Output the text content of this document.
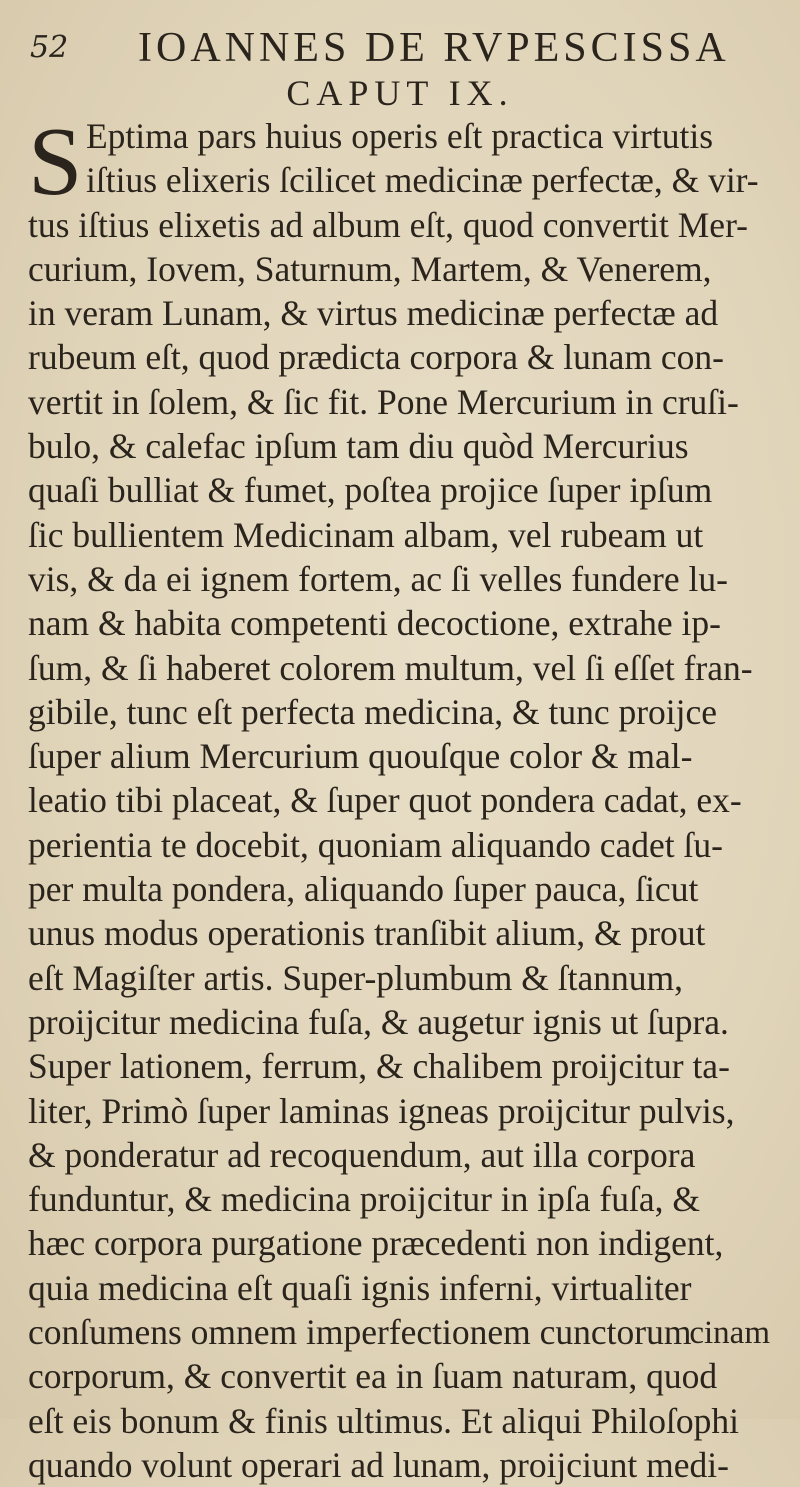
52 IOANNES DE RVPESCISSA
CAPUT IX.
S Eptima pars huius operis eſt practica virtutis
iſtius elixeris ſcilicet medicinæ perfectæ, & vir-
tus iſtius elixetis ad album eſt, quod convertit Mer-
curium, Iovem, Saturnum, Martem, & Venerem,
in veram Lunam, & virtus medicinæ perfectæ ad
rubeum eſt, quod prædicta corpora & lunam con-
vertit in ſolem, & ſic fit. Pone Mercurium in cruſi-
bulo, & calefac ipſum tam diu quòd Mercurius
quaſi bulliat & fumet, poſtea projice ſuper ipſum
ſic bullientem Medicinam albam, vel rubeam ut
vis, & da ei ignem fortem, ac ſi velles fundere lu-
nam & habita competenti decoctione, extrahe ip-
ſum, & ſi haberet colorem multum, vel ſi eſſet fran-
gibile, tunc eſt perfecta medicina, & tunc proijce
ſuper alium Mercurium quouſque color & mal-
leatio tibi placeat, & ſuper quot pondera cadat, ex-
perientia te docebit, quoniam aliquando cadet ſu-
per multa pondera, aliquando ſuper pauca, ſicut
unus modus operationis tranſibit alium, & prout
eſt Magiſter artis. Super-plumbum & ſtannum,
proijcitur medicina fuſa, & augetur ignis ut ſupra.
Super lationem, ferrum, & chalibem proijcitur ta-
liter, Primò ſuper laminas igneas proijcitur pulvis,
& ponderatur ad recoquendum, aut illa corpora
funduntur, & medicina proijcitur in ipſa fuſa, &
hæc corpora purgatione præcedenti non indigent,
quia medicina eſt quaſi ignis inferni, virtualiter
conſumens omnem imperfectionem cunctorum
corporum, & convertit ea in ſuam naturam, quod
eſt eis bonum & finis ultimus. Et aliqui Philoſophi
quando volunt operari ad lunam, proijciunt medi-
cinam
